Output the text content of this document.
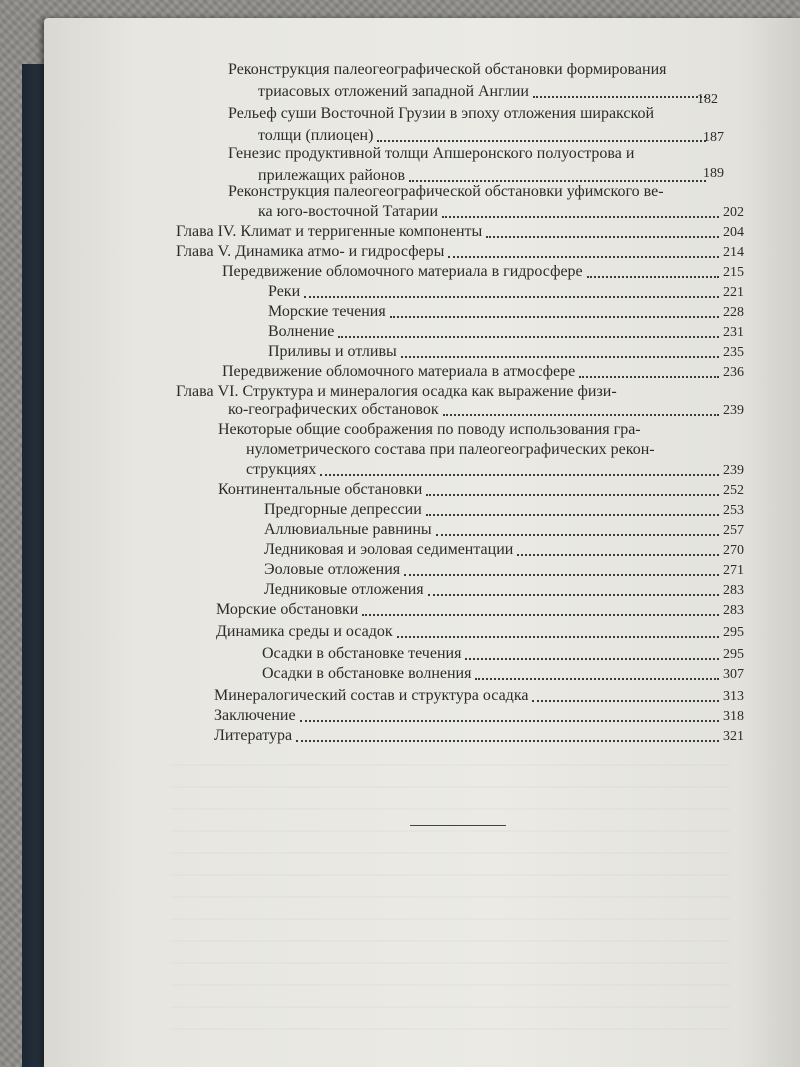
Реконструкция палеогеографической обстановки формирования
триасовых отложений западной Англии	182
Рельеф суши Восточной Грузии в эпоху отложения ширакской
толщи (плиоцен)	187
Генезис продуктивной толщи Апшеронского полуострова и
прилежащих районов	189
Реконструкция палеогеографической обстановки уфимского ве-
ка юго-восточной Татарии	202
Глава IV. Климат и терригенные компоненты	204
Глава V. Динамика атмо- и гидросферы	214
Передвижение обломочного материала в гидросфере	215
Реки	221
Морские течения	228
Волнение	231
Приливы и отливы	235
Передвижение обломочного материала в атмосфере	236
Глава VI. Структура и минералогия осадка как выражение физи-
ко-географических обстановок	239
Некоторые общие соображения по поводу использования гра-
нулометрического состава при палеогеографических рекон-
струкциях	239
Континентальные обстановки	252
Предгорные депрессии	253
Аллювиальные равнины	257
Ледниковая и эоловая седиментации	270
Эоловые отложения	271
Ледниковые отложения	283
Морские обстановки	283
Динамика среды и осадок	295
Осадки в обстановке течения	295
Осадки в обстановке волнения	307
Минералогический состав и структура осадка	313
Заключение	318
Литература	321
